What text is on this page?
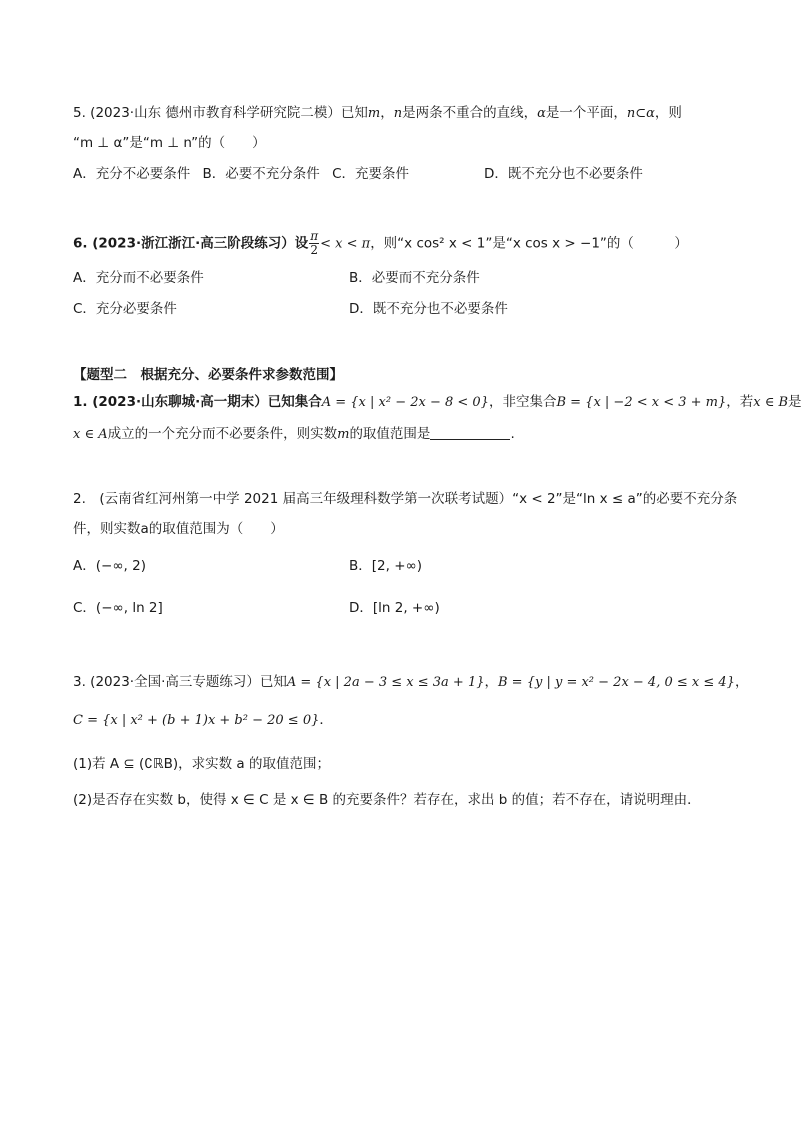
5. (2023·山东 德州市教育科学研究院二模）已知m，n是两条不重合的直线，α是一个平面，n⊂α，则
“m ⊥ α”是“m ⊥ n”的（　　）
A．充分不必要条件 B．必要不充分条件 C．充要条件	D．既不充分也不必要条件
6. (2023·浙江浙江·高三阶段练习）设 $\frac{\pi}{2} < x < \pi$，则“x cos² x < 1”是“x cos x > −1”的（　　　）
A．充分而不必要条件	B．必要而不充分条件
C．充分必要条件	D．既不充分也不必要条件
【题型二　根据充分、必要条件求参数范围】
1. (2023·山东聊城·高一期末）已知集合A = {x | x² − 2x − 8 < 0}，非空集合B = {x | −2 < x < 3 + m}，若x ∈ B是
x ∈ A成立的一个充分而不必要条件，则实数m的取值范围是	.
2.　(云南省红河州第一中学 2021 届高三年级理科数学第一次联考试题）“x < 2”是“ln x ≤ a”的必要不充分条
件，则实数a的取值范围为（　　）
A．(−∞, 2)	B．[2, +∞)
C．(−∞, ln 2]	D．[ln 2, +∞)
3. (2023·全国·高三专题练习）已知A = {x | 2a − 3 ≤ x ≤ 3a + 1}，B = {y | y = x² − 2x − 4, 0 ≤ x ≤ 4}，
C = {x | x² + (b + 1)x + b² − 20 ≤ 0}．
(1)若 A ⊆ (∁ℝB)，求实数 a 的取值范围；
(2)是否存在实数 b，使得 x ∈ C 是 x ∈ B 的充要条件？若存在，求出 b 的值；若不存在，请说明理由．
